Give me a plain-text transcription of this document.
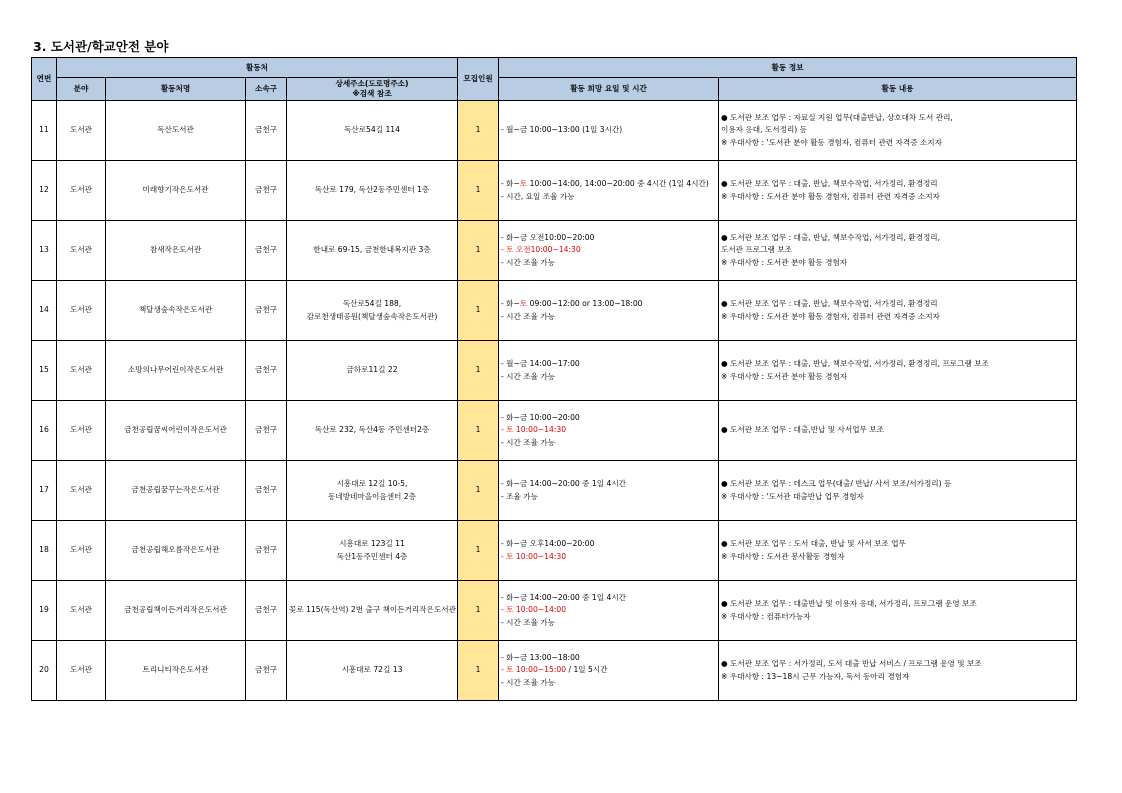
3. 도서관/학교안전 분야
연번	활동처				모집인원	활동 정보	
	분야	활동처명	소속구	상세주소(도로명주소)
※검색 참조		활동 희망 요일 및 시간	활동 내용
11	도서관	독산도서관	금천구	독산로54길 114	1	- 월~금 10:00~13:00 (1일 3시간)	● 도서관 보조 업무 : 자료실 지원 업무(대출반납, 상호대차 도서 관리,
이용자 응대, 도서정리) 등
※ 우대사항 : '도서관 분야 활동 경험자, 컴퓨터 관련 자격증 소지자

12	도서관	미래향기작은도서관	금천구	독산로 179, 독산2동주민센터 1층	1	- 화~토 10:00~14:00, 14:00~20:00 중 4시간 (1일 4시간)
- 시간, 요일 조율 가능	● 도서관 보조 업무 : 대출, 반납, 책보수작업, 서가정리, 환경정리
※ 우대사항 : 도서관 분야 활동 경험자, 컴퓨터 관련 자격증 소지자

13	도서관	참새작은도서관	금천구	한내로 69-15, 금천한내복지관 3층	1	- 화~금 오전10:00~20:00
- 토 오전10:00~14:30
- 시간 조율 가능	● 도서관 보조 업무 : 대출, 반납, 책보수작업, 서가정리, 환경정리,
도서관 프로그램 보조
※ 우대사항 : 도서관 분야 활동 경험자

14	도서관	책달생숲속작은도서관	금천구	독산로54길 188,
감로천생태공원(책달생숲속작은도서관)	1	- 화~토 09:00~12:00 or 13:00~18:00
- 시간 조율 가능	● 도서관 보조 업무 : 대출, 반납, 책보수작업, 서가정리, 환경정리
※ 우대사항 : 도서관 분야 활동 경험자, 컴퓨터 관련 자격증 소지자

15	도서관	소망의나무어린이작은도서관	금천구	금하로11길 22	1	- 월~금 14:00~17:00
- 시간 조율 가능	● 도서관 보조 업무 : 대출, 반납, 책보수작업, 서가정리, 환경정리, 프로그램 보조
※ 우대사항 : 도서관 분야 활동 경험자

16	도서관	금천공립꿈씨어린이작은도서관	금천구	독산로 232, 독산4동 주민센터2층	1	- 화~금 10:00~20:00
- 토 10:00~14:30
- 시간 조율 가능	● 도서관 보조 업무 : 대출,반납 및 사서업무 보조

17	도서관	금천공립꿈꾸는작은도서관	금천구	시흥대로 12길 10-5,
동네방네마을이음센터 2층	1	- 화~금 14:00~20:00 중 1일 4시간
- 조율 가능	● 도서관 보조 업무 : 데스크 업무(대출/ 반납/ 사서 보조/서가정리) 등
※ 우대사항 : '도서관 대출반납 업무 경험자

18	도서관	금천공립해오름작은도서관	금천구	시흥대로 123길 11
독산1동주민센터 4층	1	- 화~금 오후14:00~20:00
- 토 10:00~14:30	● 도서관 보조 업무 : 도서 대출, 반납 및 사서 보조 업무
※ 우대사항 : 도서관 봉사활동 경험자

19	도서관	금천공립책이든거리작은도서관	금천구	꽃로 115(독산역) 2번 출구 책이든거리작은도서관	1	- 화~금 14:00~20:00 중 1일 4시간
- 토 10:00~14:00
- 시간 조율 가능	● 도서관 보조 업무 : 대출반납 및 이용자 응대, 서가정리, 프로그램 운영 보조
※ 우대사항 : 컴퓨터가능자

20	도서관	트리니티작은도서관	금천구	시흥대로 72길 13	1	- 화~금 13:00~18:00
- 토 10:00~15:00 / 1일 5시간
- 시간 조율 가능	● 도서관 보조 업무 : 서가정리, 도서 대출 반납 서비스 / 프로그램 운영 및 보조
※ 우대사항 : 13~18시 근무 가능자, 독서 동아리 경험자
